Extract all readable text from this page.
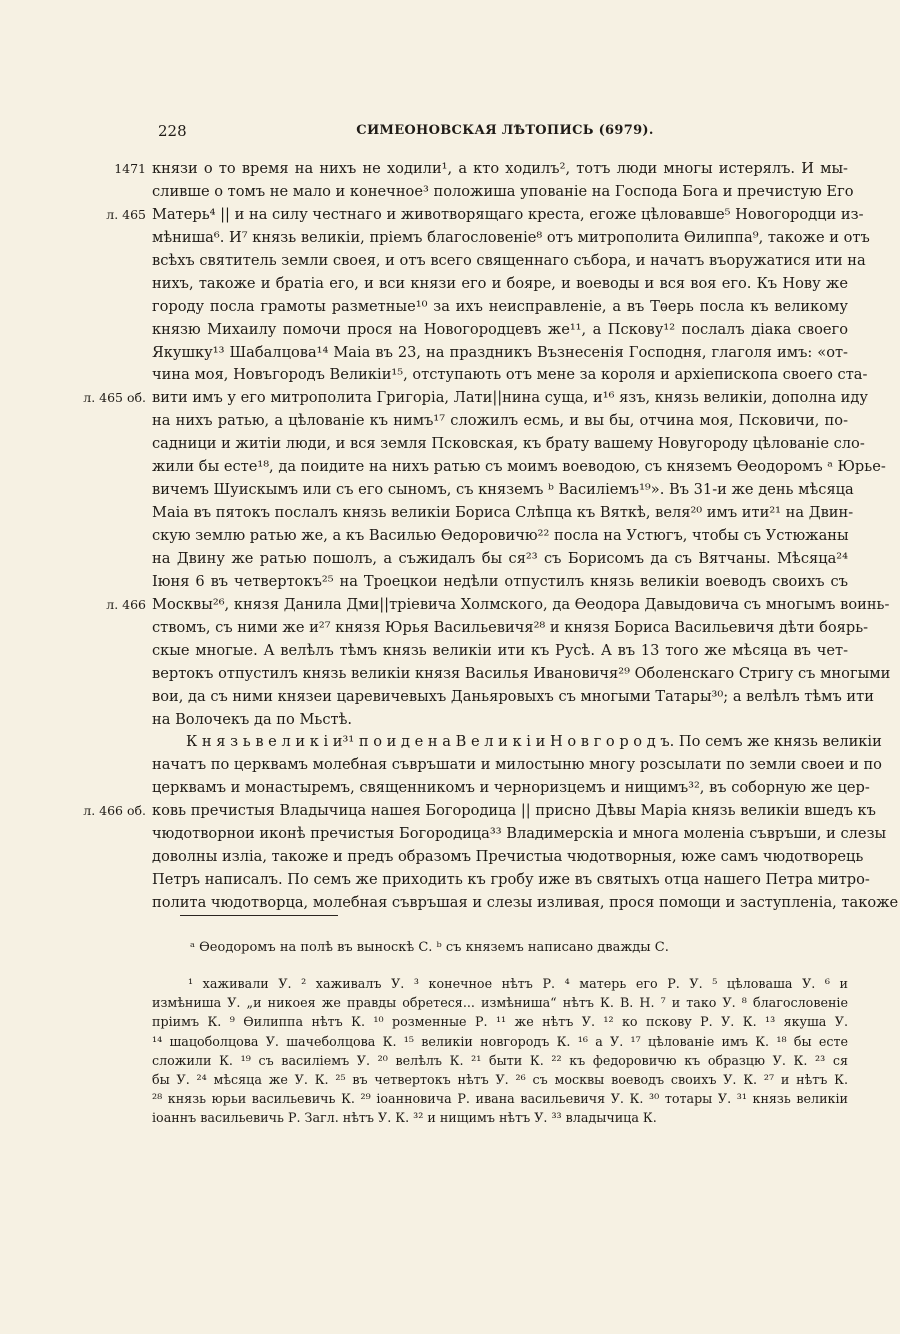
228	СИМЕОНОВСКАЯ ЛѢТОПИСЬ (6979).
князи о то время на нихъ не ходили¹, а кто ходилъ², тотъ люди многы истерялъ. И мы-
1471
слившe о томъ не мало и конечное³ положиша упованіе на Господа Бога и пречистую Его
Матерь⁴ || и на силу честнаго и животворящаго креста, егоже цѣловавше⁵ Новогородци из-
л. 465
мѣниша⁶. И⁷ князь великіи, пріемъ благословеніе⁸ отъ митрополита Ѳилиппа⁹, такоже и отъ
всѣхъ святитель земли своея, и отъ всего священнаго събора, и начатъ въоружатися ити на
нихъ, такоже и братіа его, и вси князи его и бояре, и воеводы и вся воя его. Къ Нову же
городу посла грамоты разметные¹⁰ за ихъ неисправленіе, а въ Тѳерь посла къ великому
князю Михаилу помочи прося на Новогородцевъ же¹¹, а Пскову¹² послалъ діака своего
Якушку¹³ Шабалцова¹⁴ Маіа въ 23, на праздникъ Възнесенія Господня, глаголя имъ: «от-
чина моя, Новъгородъ Великіи¹⁵, отступають отъ мене за короля и архіепископа своего ста-
вити имъ у его митрополита Григоріа, Лати||нина суща, и¹⁶ язъ, князь великіи, дополна иду
л. 465 об.
на нихъ ратью, а цѣлованіе къ нимъ¹⁷ сложилъ есмь, и вы бы, отчина моя, Псковичи, по-
садници и житіи люди, и вся земля Псковская, къ брату вашему Новугороду цѣлованіе сло-
жили бы есте¹⁸, да поидите на нихъ ратью съ моимъ воеводою, съ княземъ Ѳеодоромъ ᵃ Юрье-
вичемъ Шуискымъ или съ его сыномъ, съ княземъ ᵇ Василіемъ¹⁹». Въ 31-и же день мѣсяца
Маіа въ пятокъ послалъ князь великіи Бориса Слѣпца къ Вяткѣ, веля²⁰ имъ ити²¹ на Двин-
скую землю ратью же, а къ Василью Ѳедоровичю²² посла на Устюгъ, чтобы съ Устюжаны
на Двину же ратью пошолъ, а съжидалъ бы ся²³ съ Борисомъ да съ Вятчаны. Мѣсяца²⁴
Іюня 6 въ четвертокъ²⁵ на Троецкои недѣли отпустилъ князь великіи воеводъ своихъ съ
Москвы²⁶, князя Данила Дми||тріевича Холмского, да Ѳеодора Давыдовича съ многымъ воинь-
л. 466
ствомъ, съ ними же и²⁷ князя Юрья Васильевичя²⁸ и князя Бориса Васильевичя дѣти боярь-
скые многые. А велѣлъ тѣмъ князь великіи ити къ Русѣ. А въ 13 того же мѣсяца въ чет-
вертокъ отпустилъ князь великіи князя Василья Ивановичя²⁹ Оболенскаго Стригу съ многыми
вои, да съ ними князеи царевичевыхъ Даньяровыхъ съ многыми Татары³⁰; а велѣлъ тѣмъ ити
на Волочекъ да по Мьстѣ.
К н я з ь в е л и к і и³¹ п о и д е н а В е л и к і и Н о в г о р о д ъ. По семъ же князь великіи
начатъ по церквамъ молебная съвръшати и милостыню многу розсылати по земли своеи и по
церквамъ и монастыремъ, священникомъ и черноризцемъ и нищимъ³², въ соборную же цер-
ковь пречистыя Владычица нашея Богородица || присно Дѣвы Маріа князь великіи вшедъ къ
л. 466 об.
чюдотворнои иконѣ пречистыя Богородица³³ Владимерскіа и многа моленіа съвръши, и слезы
доволны изліа, такоже и предъ образомъ Пречистыа чюдотворныя, юже самъ чюдотворець
Петръ написалъ. По семъ же приходить къ гробу иже въ святыхъ отца нашего Петра митро-
полита чюдотворца, молебная съвръшая и слезы изливая, прося помощи и заступленіа, такоже
ᵃ Ѳеодоромъ на полѣ въ выноскѣ С. ᵇ съ княземъ написано дважды С.
¹ хаживали У. ² хаживалъ У. ³ конечное нѣтъ Р. ⁴ матерь его Р. У. ⁵ цѣловаша У. ⁶ и
измѣниша У. „и никоея же правды обретеся... измѣниша“ нѣтъ К. В. Н. ⁷ и тако У. ⁸ благословеніе
пріимъ К. ⁹ Ѳилиппа нѣтъ К. ¹⁰ розменные Р. ¹¹ же нѣтъ У. ¹² ко пскову Р. У. К. ¹³ якуша У.
¹⁴ шацоболцова У. шачеболцова К. ¹⁵ великіи новгородъ К. ¹⁶ а У. ¹⁷ цѣлованіе имъ К. ¹⁸ бы есте
сложили К. ¹⁹ съ василіемъ У. ²⁰ велѣлъ К. ²¹ быти К. ²² къ федоровичю къ образцю У. К. ²³ ся
бы У. ²⁴ мѣсяца же У. К. ²⁵ въ четвертокъ нѣтъ У. ²⁶ съ москвы воеводъ своихъ У. К. ²⁷ и нѣтъ К.
²⁸ князь юрьи васильевичь К. ²⁹ іоанновича Р. ивана васильевичя У. К. ³⁰ тотары У. ³¹ князь великіи
іоаннъ васильевичь Р. Загл. нѣтъ У. К. ³² и нищимъ нѣтъ У. ³³ владычица К.
